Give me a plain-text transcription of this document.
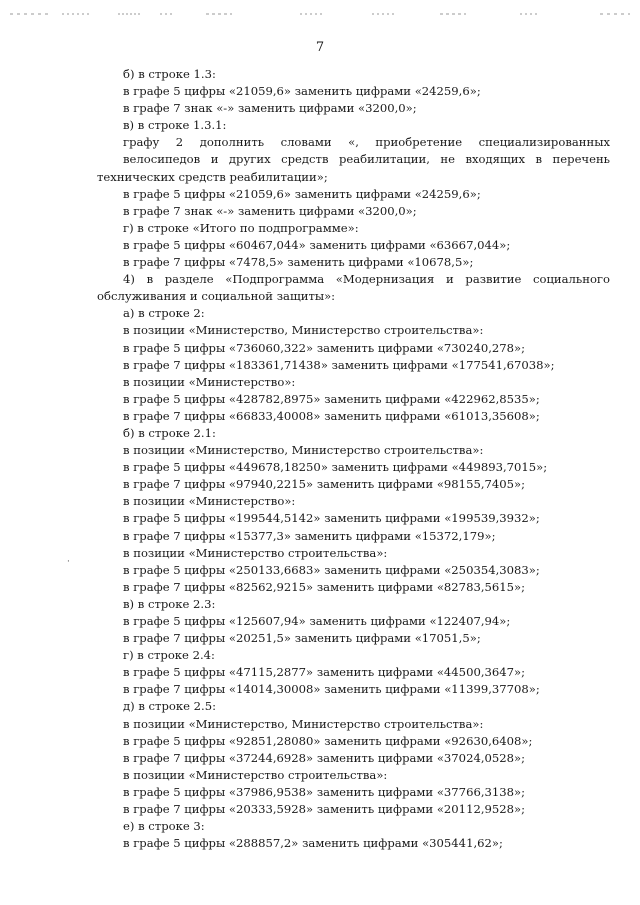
7
б) в строке 1.3:
в графе 5 цифры «21059,6» заменить цифрами «24259,6»;
в графе 7 знак «-» заменить цифрами «3200,0»;
в) в строке 1.3.1:
графу 2 дополнить словами «, приобретение специализированных
велосипедов и других средств реабилитации, не входящих в перечень
технических средств реабилитации»;
в графе 5 цифры «21059,6» заменить цифрами «24259,6»;
в графе 7 знак «-» заменить цифрами «3200,0»;
г) в строке «Итого по подпрограмме»:
в графе 5 цифры «60467,044» заменить цифрами «63667,044»;
в графе 7 цифры «7478,5» заменить цифрами «10678,5»;
4) в разделе «Подпрограмма «Модернизация и развитие социального
обслуживания и социальной защиты»:
а) в строке 2:
в позиции «Министерство, Министерство строительства»:
в графе 5 цифры «736060,322» заменить цифрами «730240,278»;
в графе 7 цифры «183361,71438» заменить цифрами «177541,67038»;
в позиции «Министерство»:
в графе 5 цифры «428782,8975» заменить цифрами «422962,8535»;
в графе 7 цифры «66833,40008» заменить цифрами «61013,35608»;
б) в строке 2.1:
в позиции «Министерство, Министерство строительства»:
в графе 5 цифры «449678,18250» заменить цифрами «449893,7015»;
в графе 7 цифры «97940,2215» заменить цифрами «98155,7405»;
в позиции «Министерство»:
в графе 5 цифры «199544,5142» заменить цифрами «199539,3932»;
в графе 7 цифры «15377,3» заменить цифрами «15372,179»;
в позиции «Министерство строительства»:
в графе 5 цифры «250133,6683» заменить цифрами «250354,3083»;
в графе 7 цифры «82562,9215» заменить цифрами «82783,5615»;
в) в строке 2.3:
в графе 5 цифры «125607,94» заменить цифрами «122407,94»;
в графе 7 цифры «20251,5» заменить цифрами «17051,5»;
г) в строке 2.4:
в графе 5 цифры «47115,2877» заменить цифрами «44500,3647»;
в графе 7 цифры «14014,30008» заменить цифрами «11399,37708»;
д) в строке 2.5:
в позиции «Министерство, Министерство строительства»:
в графе 5 цифры «92851,28080» заменить цифрами «92630,6408»;
в графе 7 цифры «37244,6928» заменить цифрами «37024,0528»;
в позиции «Министерство строительства»:
в графе 5 цифры «37986,9538» заменить цифрами «37766,3138»;
в графе 7 цифры «20333,5928» заменить цифрами «20112,9528»;
е) в строке 3:
в графе 5 цифры «288857,2» заменить цифрами «305441,62»;
·
